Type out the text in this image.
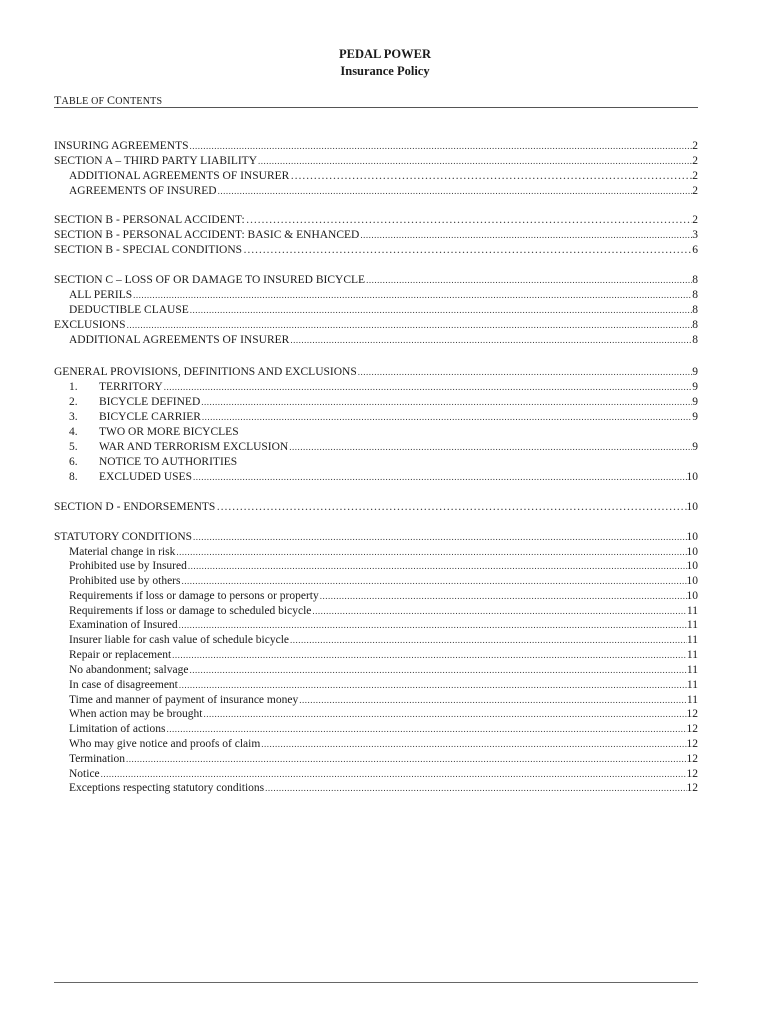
PEDAL POWER
Insurance Policy
TABLE OF CONTENTS
INSURING AGREEMENTS .....	2
SECTION A – THIRD PARTY LIABILITY .....	2
ADDITIONAL AGREEMENTS OF INSURER ……………………………………………………………………………………………………………………………………	2
AGREEMENTS OF INSURED .....	2
SECTION B - PERSONAL ACCIDENT: ……………………………………………………………………………………………………………………………………	2
SECTION B - PERSONAL ACCIDENT: BASIC & ENHANCED .....	3
SECTION B - SPECIAL CONDITIONS ……………………………………………………………………………………………………………………………………	6
SECTION C – LOSS OF OR DAMAGE TO INSURED BICYCLE .....	8
ALL PERILS .....	8
DEDUCTIBLE CLAUSE .....	8
EXCLUSIONS .....	8
ADDITIONAL AGREEMENTS OF INSURER .....	8
GENERAL PROVISIONS, DEFINITIONS AND EXCLUSIONS .....	9
1.	TERRITORY .....	9
2.	BICYCLE DEFINED .....	9
3.	BICYCLE CARRIER .....	9
4.	TWO OR MORE BICYCLES
5.	WAR AND TERRORISM EXCLUSION .....	9
6.	NOTICE TO AUTHORITIES
8.	EXCLUDED USES .....	10
SECTION D - ENDORSEMENTS ……………………………………………………………………………………………………………………………………	10
STATUTORY CONDITIONS .....	10
Material change in risk .....	10
Prohibited use by Insured .....	10
Prohibited use by others .....	10
Requirements if loss or damage to persons or property .....	10
Requirements if loss or damage to scheduled bicycle .....	11
Examination of Insured .....	11
Insurer liable for cash value of schedule bicycle .....	11
Repair or replacement .....	11
No abandonment; salvage .....	11
In case of disagreement .....	11
Time and manner of payment of insurance money .....	11
When action may be brought .....	12
Limitation of actions .....	12
Who may give notice and proofs of claim .....	12
Termination .....	12
Notice .....	12
Exceptions respecting statutory conditions .....	12
